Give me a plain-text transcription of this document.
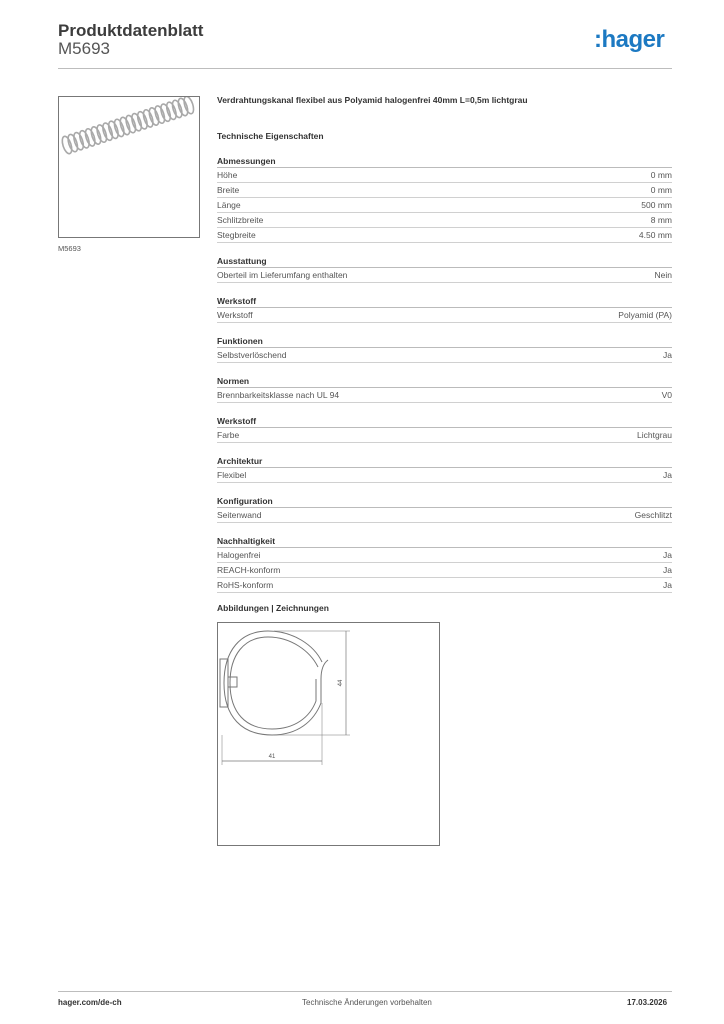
Produktdatenblatt
M5693	:hager
M5693
Verdrahtungskanal flexibel aus Polyamid halogenfrei 40mm L=0,5m lichtgrau
Technische Eigenschaften
Abmessungen
Höhe	0 mm
Breite	0 mm
Länge	500 mm
Schlitzbreite	8 mm
Stegbreite	4.50 mm
Ausstattung
Oberteil im Lieferumfang enthalten	Nein
Werkstoff
Werkstoff	Polyamid (PA)
Funktionen
Selbstverlöschend	Ja
Normen
Brennbarkeitsklasse nach UL 94	V0
Werkstoff
Farbe	Lichtgrau
Architektur
Flexibel	Ja
Konfiguration
Seitenwand	Geschlitzt
Nachhaltigkeit
Halogenfrei	Ja
REACH-konform	Ja
RoHS-konform	Ja
Abbildungen | Zeichnungen
44
41
hager.com/de-ch	Technische Änderungen vorbehalten	17.03.2026
